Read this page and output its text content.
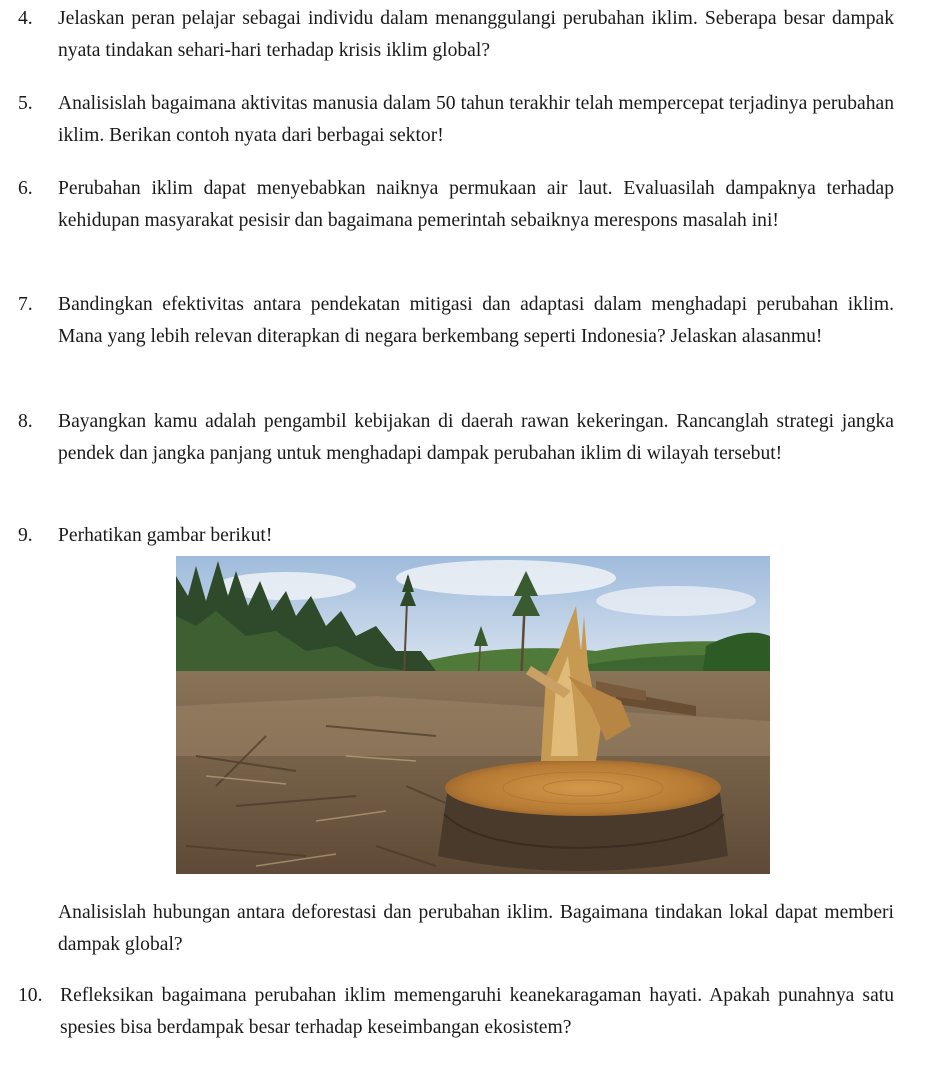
4. Jelaskan peran pelajar sebagai individu dalam menanggulangi perubahan iklim. Seberapa besar dampak nyata tindakan sehari-hari terhadap krisis iklim global?
5. Analisislah bagaimana aktivitas manusia dalam 50 tahun terakhir telah mempercepat terjadinya perubahan iklim. Berikan contoh nyata dari berbagai sektor!
6. Perubahan iklim dapat menyebabkan naiknya permukaan air laut. Evaluasilah dampaknya terhadap kehidupan masyarakat pesisir dan bagaimana pemerintah sebaiknya merespons masalah ini!
7. Bandingkan efektivitas antara pendekatan mitigasi dan adaptasi dalam menghadapi perubahan iklim. Mana yang lebih relevan diterapkan di negara berkembang seperti Indonesia? Jelaskan alasanmu!
8. Bayangkan kamu adalah pengambil kebijakan di daerah rawan kekeringan. Rancanglah strategi jangka pendek dan jangka panjang untuk menghadapi dampak perubahan iklim di wilayah tersebut!
9. Perhatikan gambar berikut!
Analisislah hubungan antara deforestasi dan perubahan iklim. Bagaimana tindakan lokal dapat memberi dampak global?
10. Refleksikan bagaimana perubahan iklim memengaruhi keanekaragaman hayati. Apakah punahnya satu spesies bisa berdampak besar terhadap keseimbangan ekosistem?
